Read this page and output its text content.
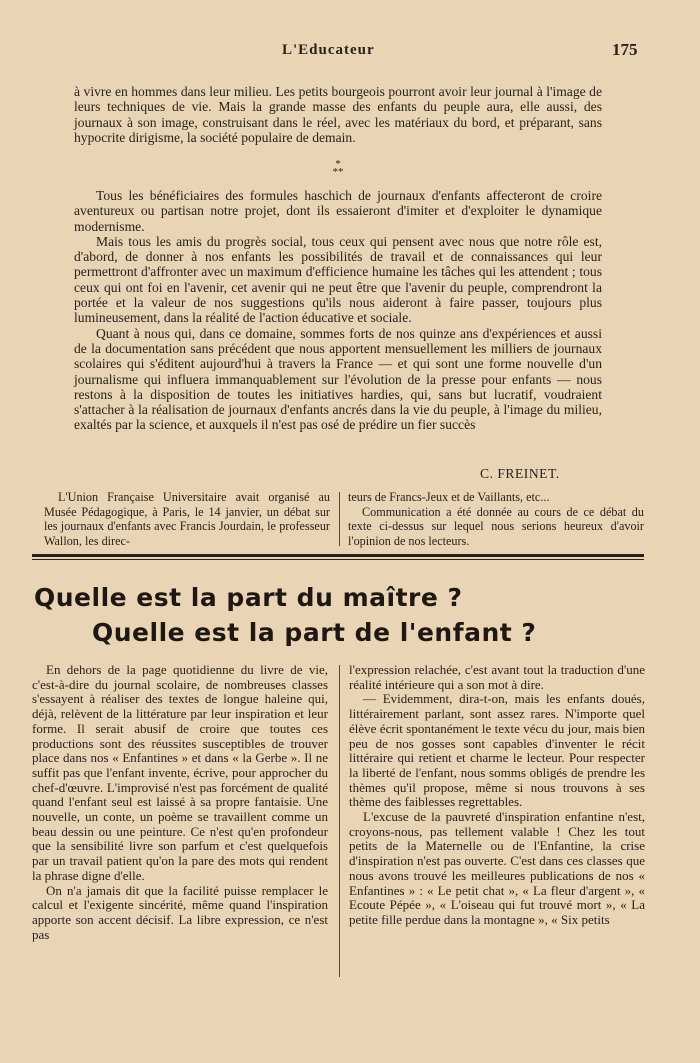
L'Educateur	175

à vivre en hommes dans leur milieu. Les petits bourgeois pourront avoir leur journal à l'image de leurs techniques de vie. Mais la grande masse des enfants du peuple aura, elle aussi, des journaux à son image, construisant dans le réel, avec les matériaux du bord, et préparant, sans hypocrite dirigisme, la société populaire de demain.

*
**

Tous les bénéficiaires des formules haschich de journaux d'enfants affecteront de croire aventureux ou partisan notre projet, dont ils essaieront d'imiter et d'exploiter le dynamique modernisme.

Mais tous les amis du progrès social, tous ceux qui pensent avec nous que notre rôle est, d'abord, de donner à nos enfants les possibilités de travail et de connaissances qui leur permettront d'affronter avec un maximum d'efficience humaine les tâches qui les attendent ; tous ceux qui ont foi en l'avenir, cet avenir qui ne peut être que l'avenir du peuple, comprendront la portée et la valeur de nos suggestions qu'ils nous aideront à faire passer, toujours plus lumineusement, dans la réalité de l'action éducative et sociale.

Quant à nous qui, dans ce domaine, sommes forts de nos quinze ans d'expériences et aussi de la documentation sans précédent que nous apportent mensuellement les milliers de journaux scolaires qui s'éditent aujourd'hui à travers la France — et qui sont une forme nouvelle d'un journalisme qui influera immanquablement sur l'évolution de la presse pour enfants — nous restons à la disposition de toutes les initiatives hardies, qui, sans but lucratif, voudraient s'attacher à la réalisation de journaux d'enfants ancrés dans la vie du peuple, à l'image du milieu, exaltés par la science, et auxquels il n'est pas osé de prédire un fier succès

C. FREINET.

L'Union Française Universitaire avait organisé au Musée Pédagogique, à Paris, le 14 janvier, un débat sur les journaux d'enfants avec Francis Jourdain, le professeur Wallon, les direc-

teurs de Francs-Jeux et de Vaillants, etc...

Communication a été donnée au cours de ce débat du texte ci-dessus sur lequel nous serions heureux d'avoir l'opinion de nos lecteurs.

Quelle est la part du maître ?
Quelle est la part de l'enfant ?

En dehors de la page quotidienne du livre de vie, c'est-à-dire du journal scolaire, de nombreuses classes s'essayent à réaliser des textes de longue haleine qui, déjà, relèvent de la littérature par leur inspiration et leur forme. Il serait abusif de croire que toutes ces productions sont des réussites susceptibles de trouver place dans nos « Enfantines » et dans « la Gerbe ». Il ne suffit pas que l'enfant invente, écrive, pour approcher du chef-d'œuvre. L'improvisé n'est pas forcément de qualité quand l'enfant seul est laissé à sa propre fantaisie. Une nouvelle, un conte, un poème se travaillent comme un beau dessin ou une peinture. Ce n'est qu'en profondeur que la sensibilité livre son parfum et c'est quelquefois par un travail patient qu'on la pare des mots qui rendent la phrase digne d'elle.

On n'a jamais dit que la facilité puisse remplacer le calcul et l'exigente sincérité, même quand l'inspiration apporte son accent décisif. La libre expression, ce n'est pas

l'expression relachée, c'est avant tout la traduction d'une réalité intérieure qui a son mot à dire.

— Evidemment, dira-t-on, mais les enfants doués, littérairement parlant, sont assez rares. N'importe quel élève écrit spontanément le texte vécu du jour, mais bien peu de nos gosses sont capables d'inventer le récit littéraire qui retient et charme le lecteur. Pour respecter la liberté de l'enfant, nous somms obligés de prendre les thèmes qu'il propose, même si nous trouvons à ses thème des faiblesses regrettables.

L'excuse de la pauvreté d'inspiration enfantine n'est, croyons-nous, pas tellement valable ! Chez les tout petits de la Maternelle ou de l'Enfantine, la crise d'inspiration n'est pas ouverte. C'est dans ces classes que nous avons trouvé les meilleures publications de nos « Enfantines » : « Le petit chat », « La fleur d'argent », « Ecoute Pépée », « L'oiseau qui fut trouvé mort », « La petite fille perdue dans la montagne », « Six petits
